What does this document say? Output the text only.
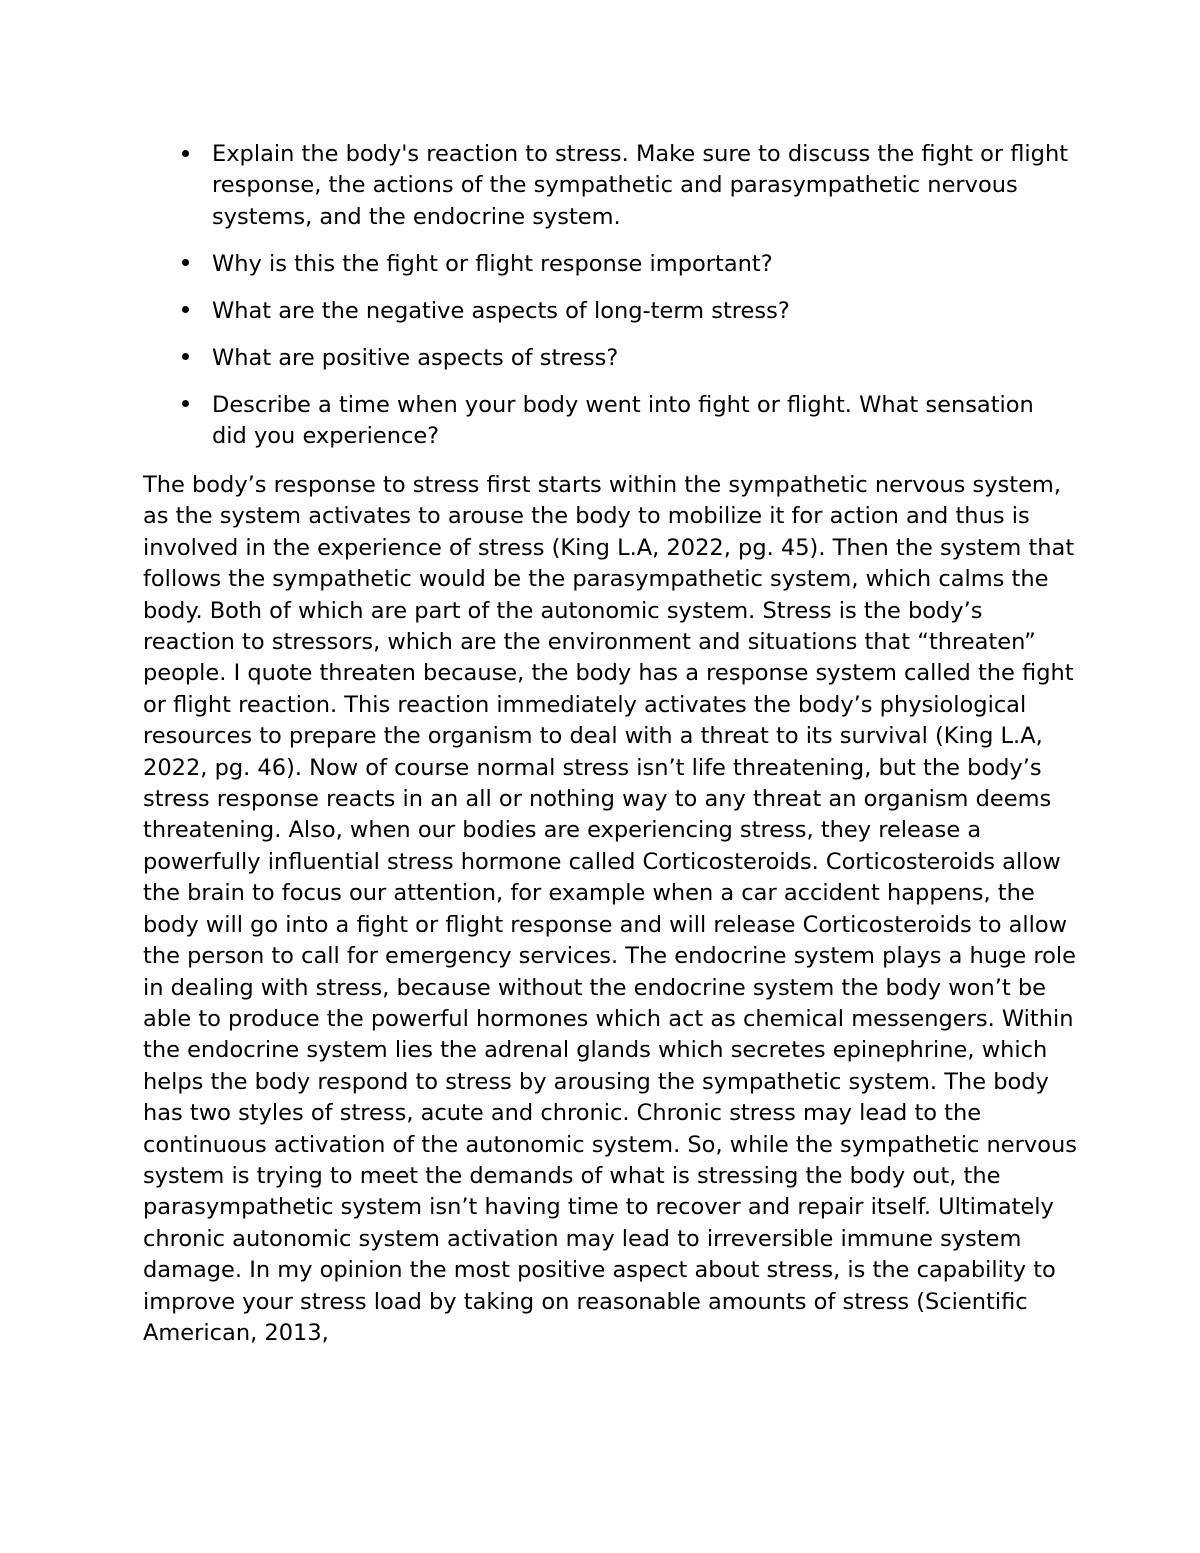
Explain the body's reaction to stress. Make sure to discuss the fight or flight response, the actions of the sympathetic and parasympathetic nervous systems, and the endocrine system.
Why is this the fight or flight response important?
What are the negative aspects of long-term stress?
What are positive aspects of stress?
Describe a time when your body went into fight or flight. What sensation did you experience?

The body’s response to stress first starts within the sympathetic nervous system, as the system activates to arouse the body to mobilize it for action and thus is involved in the experience of stress (King L.A, 2022, pg. 45). Then the system that follows the sympathetic would be the parasympathetic system, which calms the body. Both of which are part of the autonomic system. Stress is the body’s reaction to stressors, which are the environment and situations that “threaten” people. I quote threaten because, the body has a response system called the fight or flight reaction. This reaction immediately activates the body’s physiological resources to prepare the organism to deal with a threat to its survival (King L.A, 2022, pg. 46). Now of course normal stress isn’t life threatening, but the body’s stress response reacts in an all or nothing way to any threat an organism deems threatening. Also, when our bodies are experiencing stress, they release a powerfully influential stress hormone called Corticosteroids. Corticosteroids allow the brain to focus our attention, for example when a car accident happens, the body will go into a fight or flight response and will release Corticosteroids to allow the person to call for emergency services. The endocrine system plays a huge role in dealing with stress, because without the endocrine system the body won’t be able to produce the powerful hormones which act as chemical messengers. Within the endocrine system lies the adrenal glands which secretes epinephrine, which helps the body respond to stress by arousing the sympathetic system. The body has two styles of stress, acute and chronic. Chronic stress may lead to the continuous activation of the autonomic system. So, while the sympathetic nervous system is trying to meet the demands of what is stressing the body out, the parasympathetic system isn’t having time to recover and repair itself. Ultimately chronic autonomic system activation may lead to irreversible immune system damage. In my opinion the most positive aspect about stress, is the capability to improve your stress load by taking on reasonable amounts of stress (Scientific American, 2013,
